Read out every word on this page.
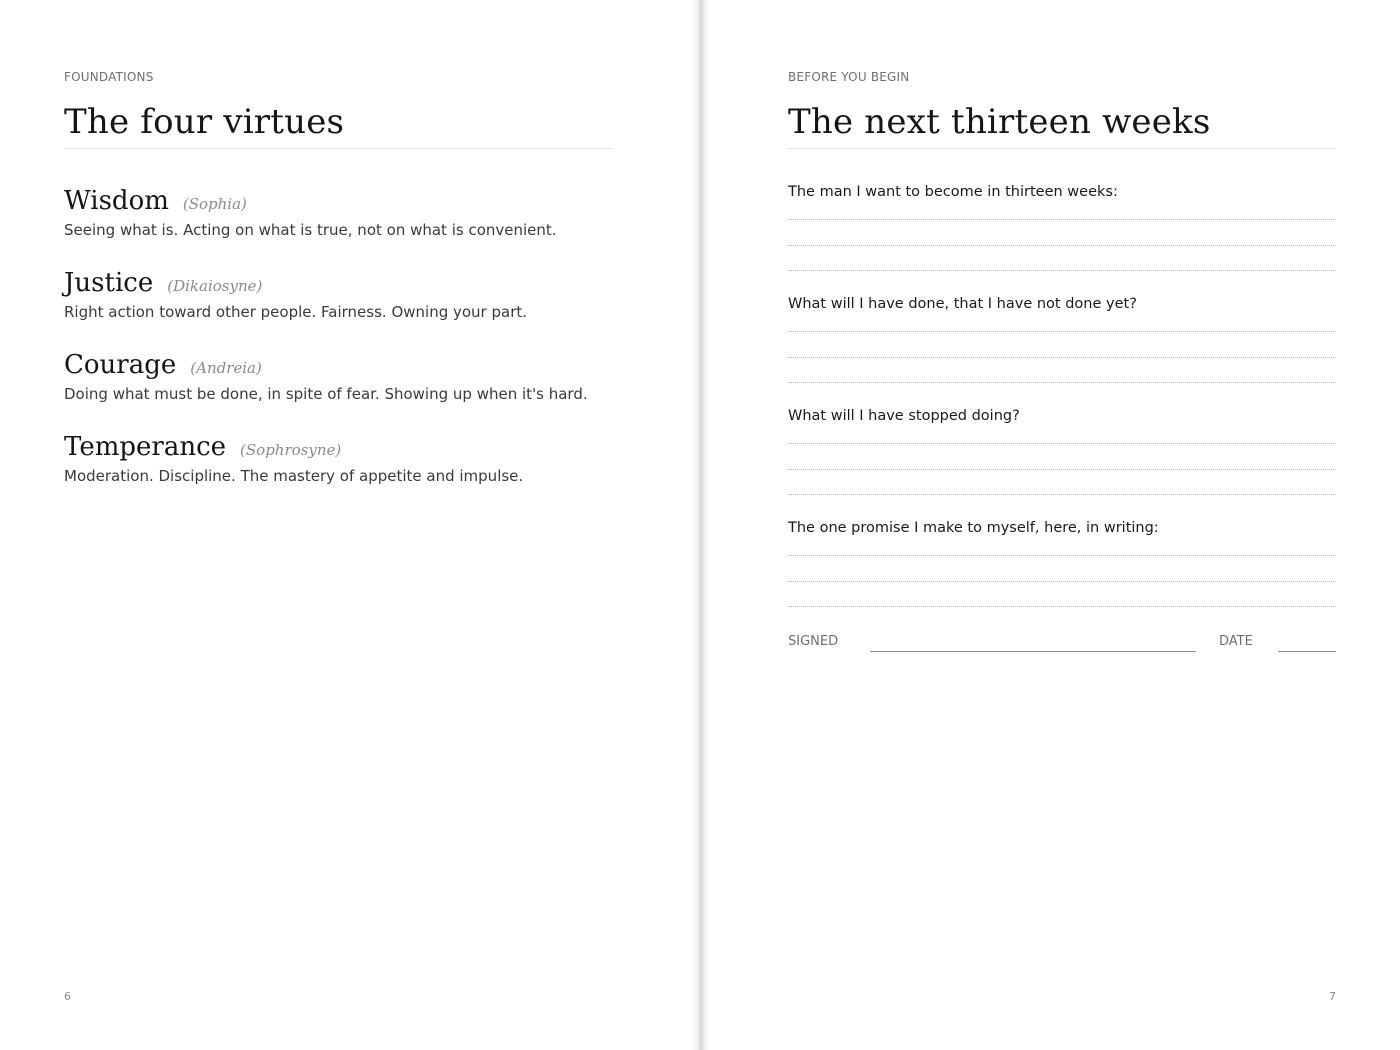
FOUNDATIONS
The four virtues
Wisdom (Sophia)
Seeing what is. Acting on what is true, not on what is convenient.
Justice (Dikaiosyne)
Right action toward other people. Fairness. Owning your part.
Courage (Andreia)
Doing what must be done, in spite of fear. Showing up when it's hard.
Temperance (Sophrosyne)
Moderation. Discipline. The mastery of appetite and impulse.
6
BEFORE YOU BEGIN
The next thirteen weeks
The man I want to become in thirteen weeks:
What will I have done, that I have not done yet?
What will I have stopped doing?
The one promise I make to myself, here, in writing:
SIGNED	DATE
7
